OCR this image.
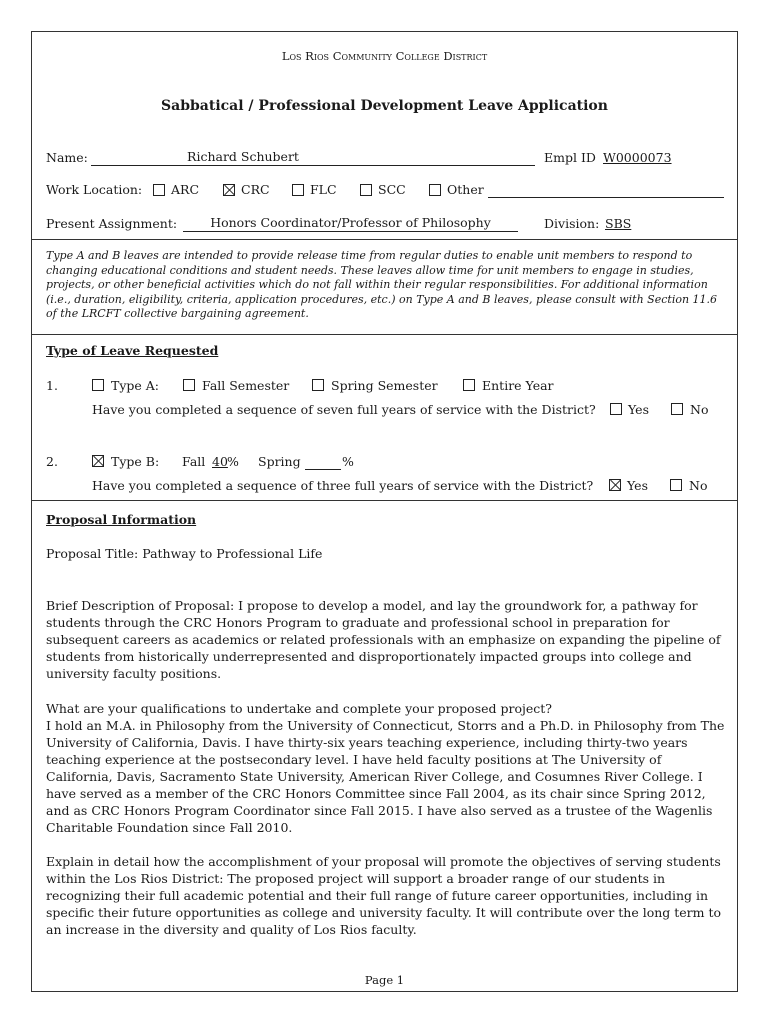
Los Rios Community College District
Sabbatical / Professional Development Leave Application
Name:	Richard Schubert	Empl ID W0000073
Work Location: ARC	CRC	FLC	SCC	Other
Present Assignment:	Honors Coordinator/Professor of Philosophy	Division: SBS
Type A and B leaves are intended to provide release time from regular duties to enable unit members to respond to changing educational conditions and student needs. These leaves allow time for unit members to engage in studies, projects, or other beneficial activities which do not fall within their regular responsibilities. For additional information (i.e., duration, eligibility, criteria, application procedures, etc.) on Type A and B leaves, please consult with Section 11.6 of the LRCFT collective bargaining agreement.
Type of Leave Requested
1.	Type A:	Fall Semester	Spring Semester	Entire Year
Have you completed a sequence of seven full years of service with the District?	Yes	No
2.	Type B: Fall 40 % Spring	%
Have you completed a sequence of three full years of service with the District?	Yes	No
Proposal Information
Proposal Title: Pathway to Professional Life
Brief Description of Proposal: I propose to develop a model, and lay the groundwork for, a pathway for students through the CRC Honors Program to graduate and professional school in preparation for subsequent careers as academics or related professionals with an emphasize on expanding the pipeline of students from historically underrepresented and disproportionately impacted groups into college and university faculty positions.

What are your qualifications to undertake and complete your proposed project?

I hold an M.A. in Philosophy from the University of Connecticut, Storrs and a Ph.D. in Philosophy from The University of California, Davis. I have thirty-six years teaching experience, including thirty-two years teaching experience at the postsecondary level. I have held faculty positions at The University of California, Davis, Sacramento State University, American River College, and Cosumnes River College. I have served as a member of the CRC Honors Committee since Fall 2004, as its chair since Spring 2012, and as CRC Honors Program Coordinator since Fall 2015. I have also served as a trustee of the Wagenlis Charitable Foundation since Fall 2010.

Explain in detail how the accomplishment of your proposal will promote the objectives of serving students within the Los Rios District: The proposed project will support a broader range of our students in recognizing their full academic potential and their full range of future career opportunities, including in specific their future opportunities as college and university faculty. It will contribute over the long term to an increase in the diversity and quality of Los Rios faculty.
Page 1
